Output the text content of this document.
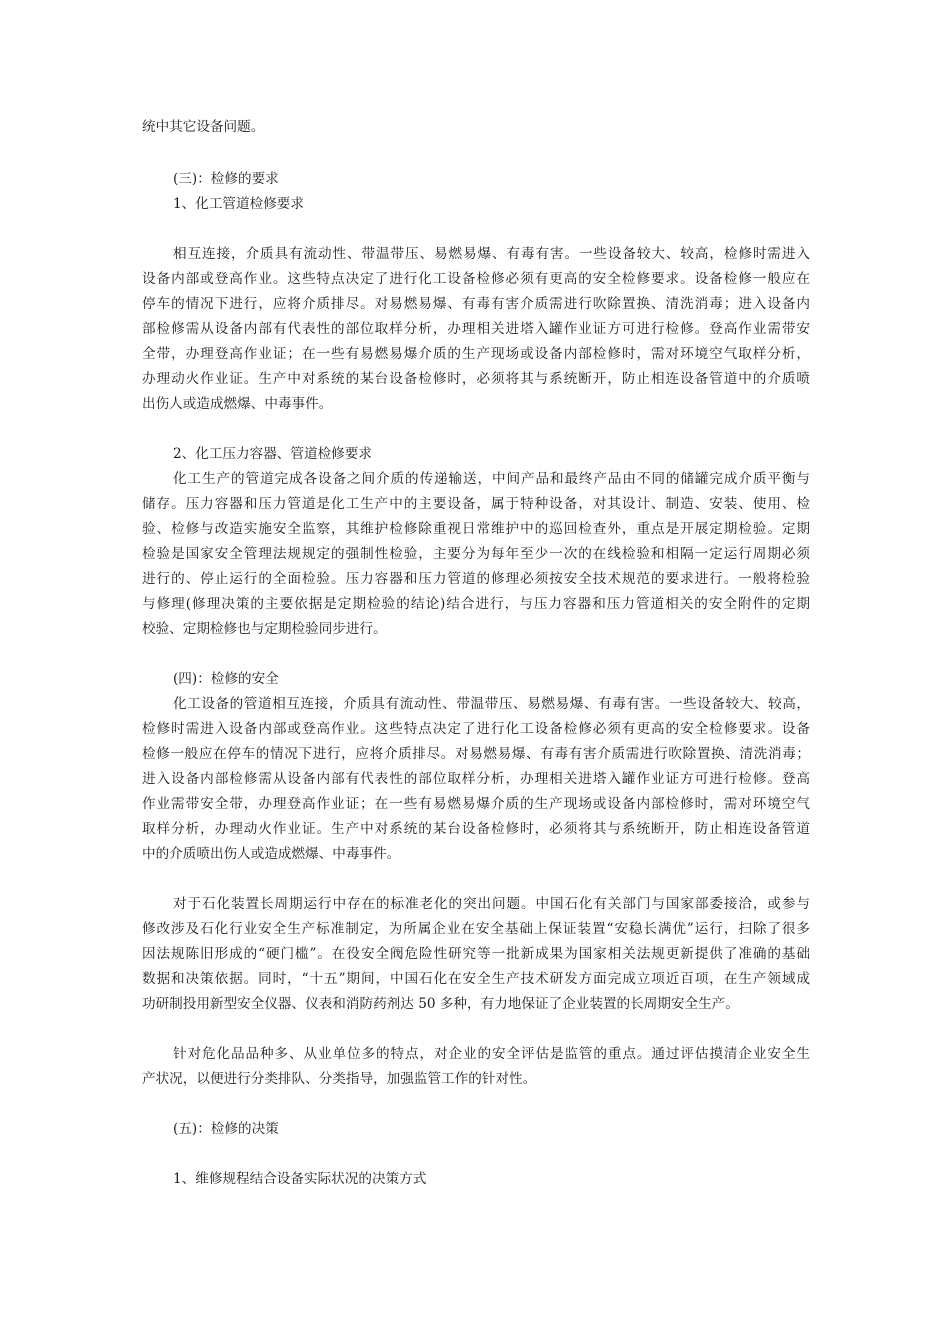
统中其它设备问题。
(三)：检修的要求
1、化工管道检修要求
相互连接，介质具有流动性、带温带压、易燃易爆、有毒有害。一些设备较大、较高，检修时需进入
设备内部或登高作业。这些特点决定了进行化工设备检修必须有更高的安全检修要求。设备检修一般应在
停车的情况下进行，应将介质排尽。对易燃易爆、有毒有害介质需进行吹除置换、清洗消毒；进入设备内
部检修需从设备内部有代表性的部位取样分析，办理相关进塔入罐作业证方可进行检修。登高作业需带安
全带，办理登高作业证；在一些有易燃易爆介质的生产现场或设备内部检修时，需对环境空气取样分析，
办理动火作业证。生产中对系统的某台设备检修时，必须将其与系统断开，防止相连设备管道中的介质喷
出伤人或造成燃爆、中毒事件。
2、化工压力容器、管道检修要求
化工生产的管道完成各设备之间介质的传递输送，中间产品和最终产品由不同的储罐完成介质平衡与
储存。压力容器和压力管道是化工生产中的主要设备，属于特种设备，对其设计、制造、安装、使用、检
验、检修与改造实施安全监察，其维护检修除重视日常维护中的巡回检查外，重点是开展定期检验。定期
检验是国家安全管理法规规定的强制性检验，主要分为每年至少一次的在线检验和相隔一定运行周期必须
进行的、停止运行的全面检验。压力容器和压力管道的修理必须按安全技术规范的要求进行。一般将检验
与修理(修理决策的主要依据是定期检验的结论)结合进行，与压力容器和压力管道相关的安全附件的定期
校验、定期检修也与定期检验同步进行。
(四)：检修的安全
化工设备的管道相互连接，介质具有流动性、带温带压、易燃易爆、有毒有害。一些设备较大、较高，
检修时需进入设备内部或登高作业。这些特点决定了进行化工设备检修必须有更高的安全检修要求。设备
检修一般应在停车的情况下进行，应将介质排尽。对易燃易爆、有毒有害介质需进行吹除置换、清洗消毒；
进入设备内部检修需从设备内部有代表性的部位取样分析，办理相关进塔入罐作业证方可进行检修。登高
作业需带安全带，办理登高作业证；在一些有易燃易爆介质的生产现场或设备内部检修时，需对环境空气
取样分析，办理动火作业证。生产中对系统的某台设备检修时，必须将其与系统断开，防止相连设备管道
中的介质喷出伤人或造成燃爆、中毒事件。
对于石化装置长周期运行中存在的标准老化的突出问题。中国石化有关部门与国家部委接洽，或参与
修改涉及石化行业安全生产标准制定，为所属企业在安全基础上保证装置“安稳长满优”运行，扫除了很多
因法规陈旧形成的“硬门槛”。在役安全阀危险性研究等一批新成果为国家相关法规更新提供了准确的基础
数据和决策依据。同时，“十五”期间，中国石化在安全生产技术研发方面完成立项近百项，在生产领域成
功研制投用新型安全仪器、仪表和消防药剂达 50 多种，有力地保证了企业装置的长周期安全生产。
针对危化品品种多、从业单位多的特点，对企业的安全评估是监管的重点。通过评估摸清企业安全生
产状况，以便进行分类排队、分类指导，加强监管工作的针对性。
(五)：检修的决策
1、维修规程结合设备实际状况的决策方式
